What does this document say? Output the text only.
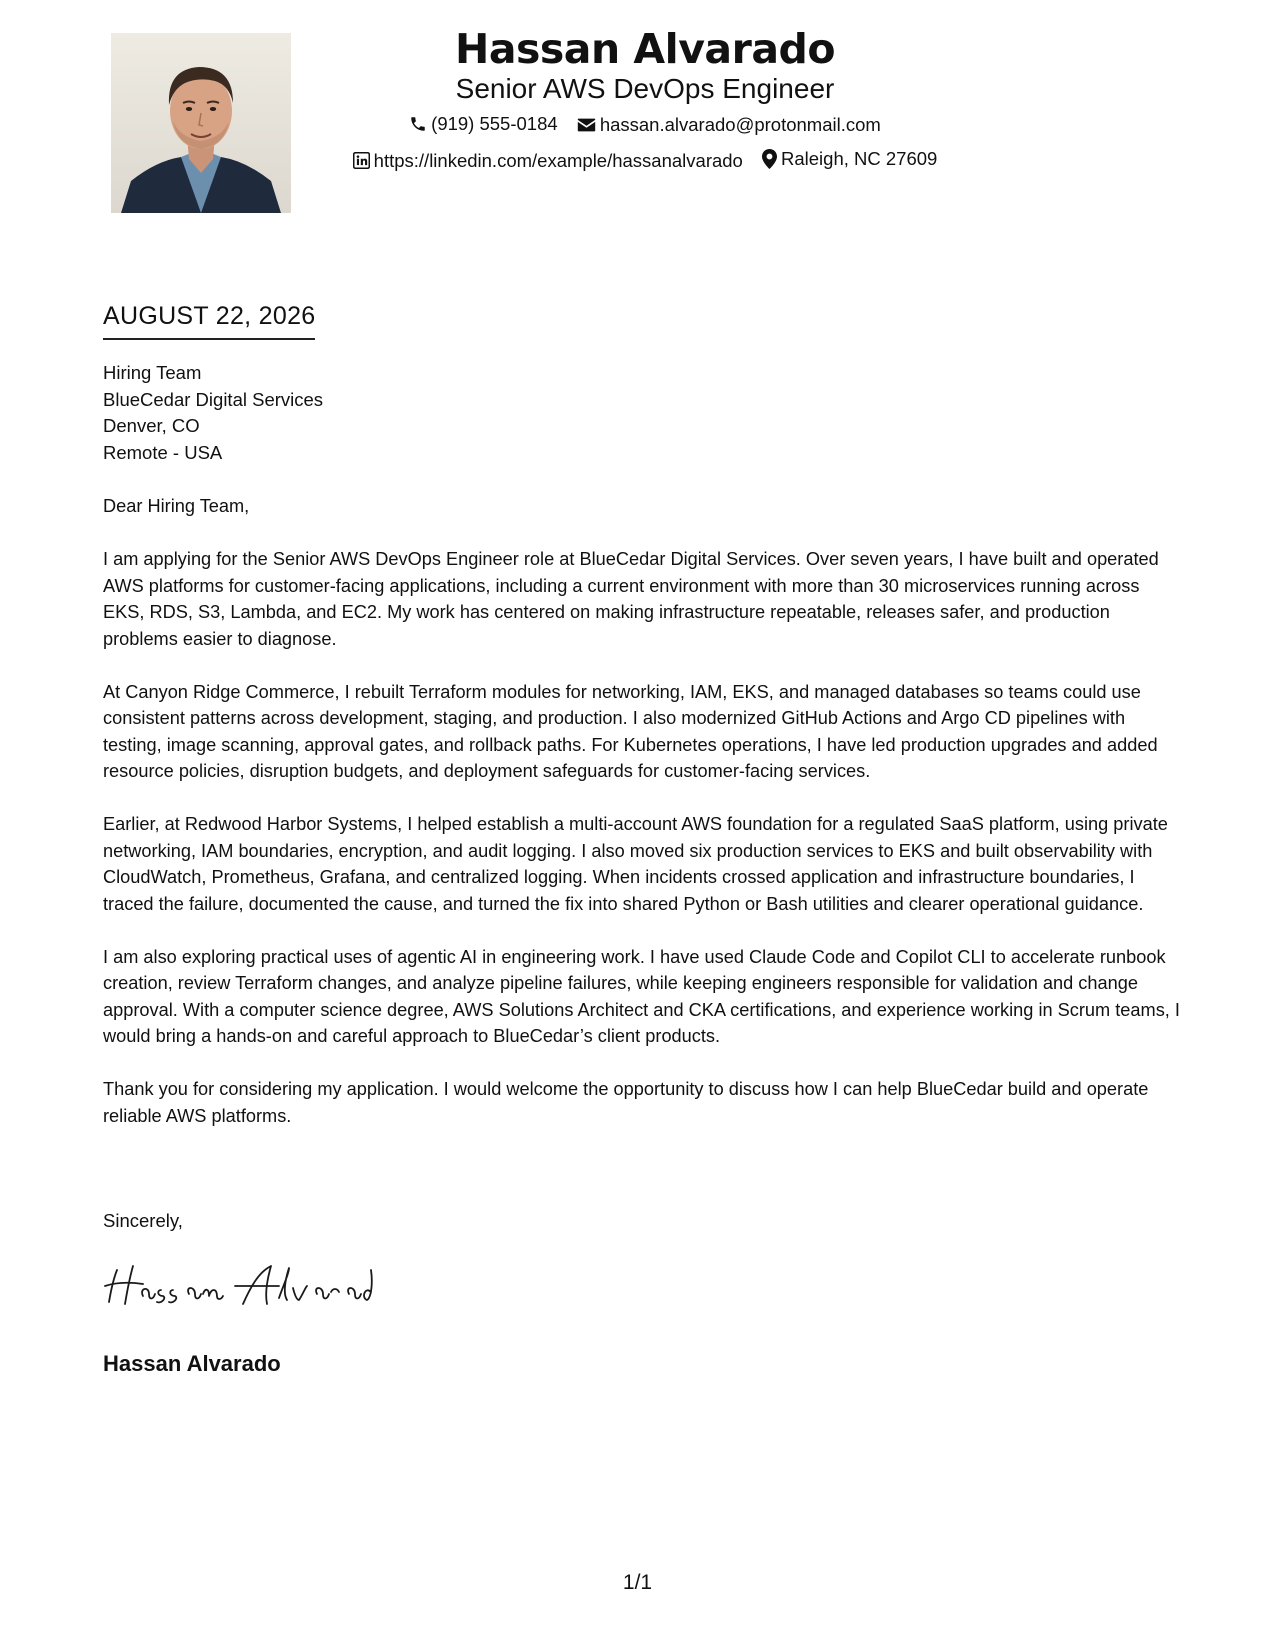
Hassan Alvarado
Senior AWS DevOps Engineer
(919) 555-0184
hassan.alvarado@protonmail.com
https://linkedin.com/example/hassanalvarado
Raleigh, NC 27609
AUGUST 22, 2026
Hiring Team
BlueCedar Digital Services
Denver, CO
Remote - USA

Dear Hiring Team,

I am applying for the Senior AWS DevOps Engineer role at BlueCedar Digital Services. Over seven years, I have built and operated AWS platforms for customer-facing applications, including a current environment with more than 30 microservices running across EKS, RDS, S3, Lambda, and EC2. My work has centered on making infrastructure repeatable, releases safer, and production problems easier to diagnose.

At Canyon Ridge Commerce, I rebuilt Terraform modules for networking, IAM, EKS, and managed databases so teams could use consistent patterns across development, staging, and production. I also modernized GitHub Actions and Argo CD pipelines with testing, image scanning, approval gates, and rollback paths. For Kubernetes operations, I have led production upgrades and added resource policies, disruption budgets, and deployment safeguards for customer-facing services.

Earlier, at Redwood Harbor Systems, I helped establish a multi-account AWS foundation for a regulated SaaS platform, using private networking, IAM boundaries, encryption, and audit logging. I also moved six production services to EKS and built observability with CloudWatch, Prometheus, Grafana, and centralized logging. When incidents crossed application and infrastructure boundaries, I traced the failure, documented the cause, and turned the fix into shared Python or Bash utilities and clearer operational guidance.

I am also exploring practical uses of agentic AI in engineering work. I have used Claude Code and Copilot CLI to accelerate runbook creation, review Terraform changes, and analyze pipeline failures, while keeping engineers responsible for validation and change approval. With a computer science degree, AWS Solutions Architect and CKA certifications, and experience working in Scrum teams, I would bring a hands-on and careful approach to BlueCedar’s client products.

Thank you for considering my application. I would welcome the opportunity to discuss how I can help BlueCedar build and operate reliable AWS platforms.

Sincerely,
Hassan Alvarado
1/1
